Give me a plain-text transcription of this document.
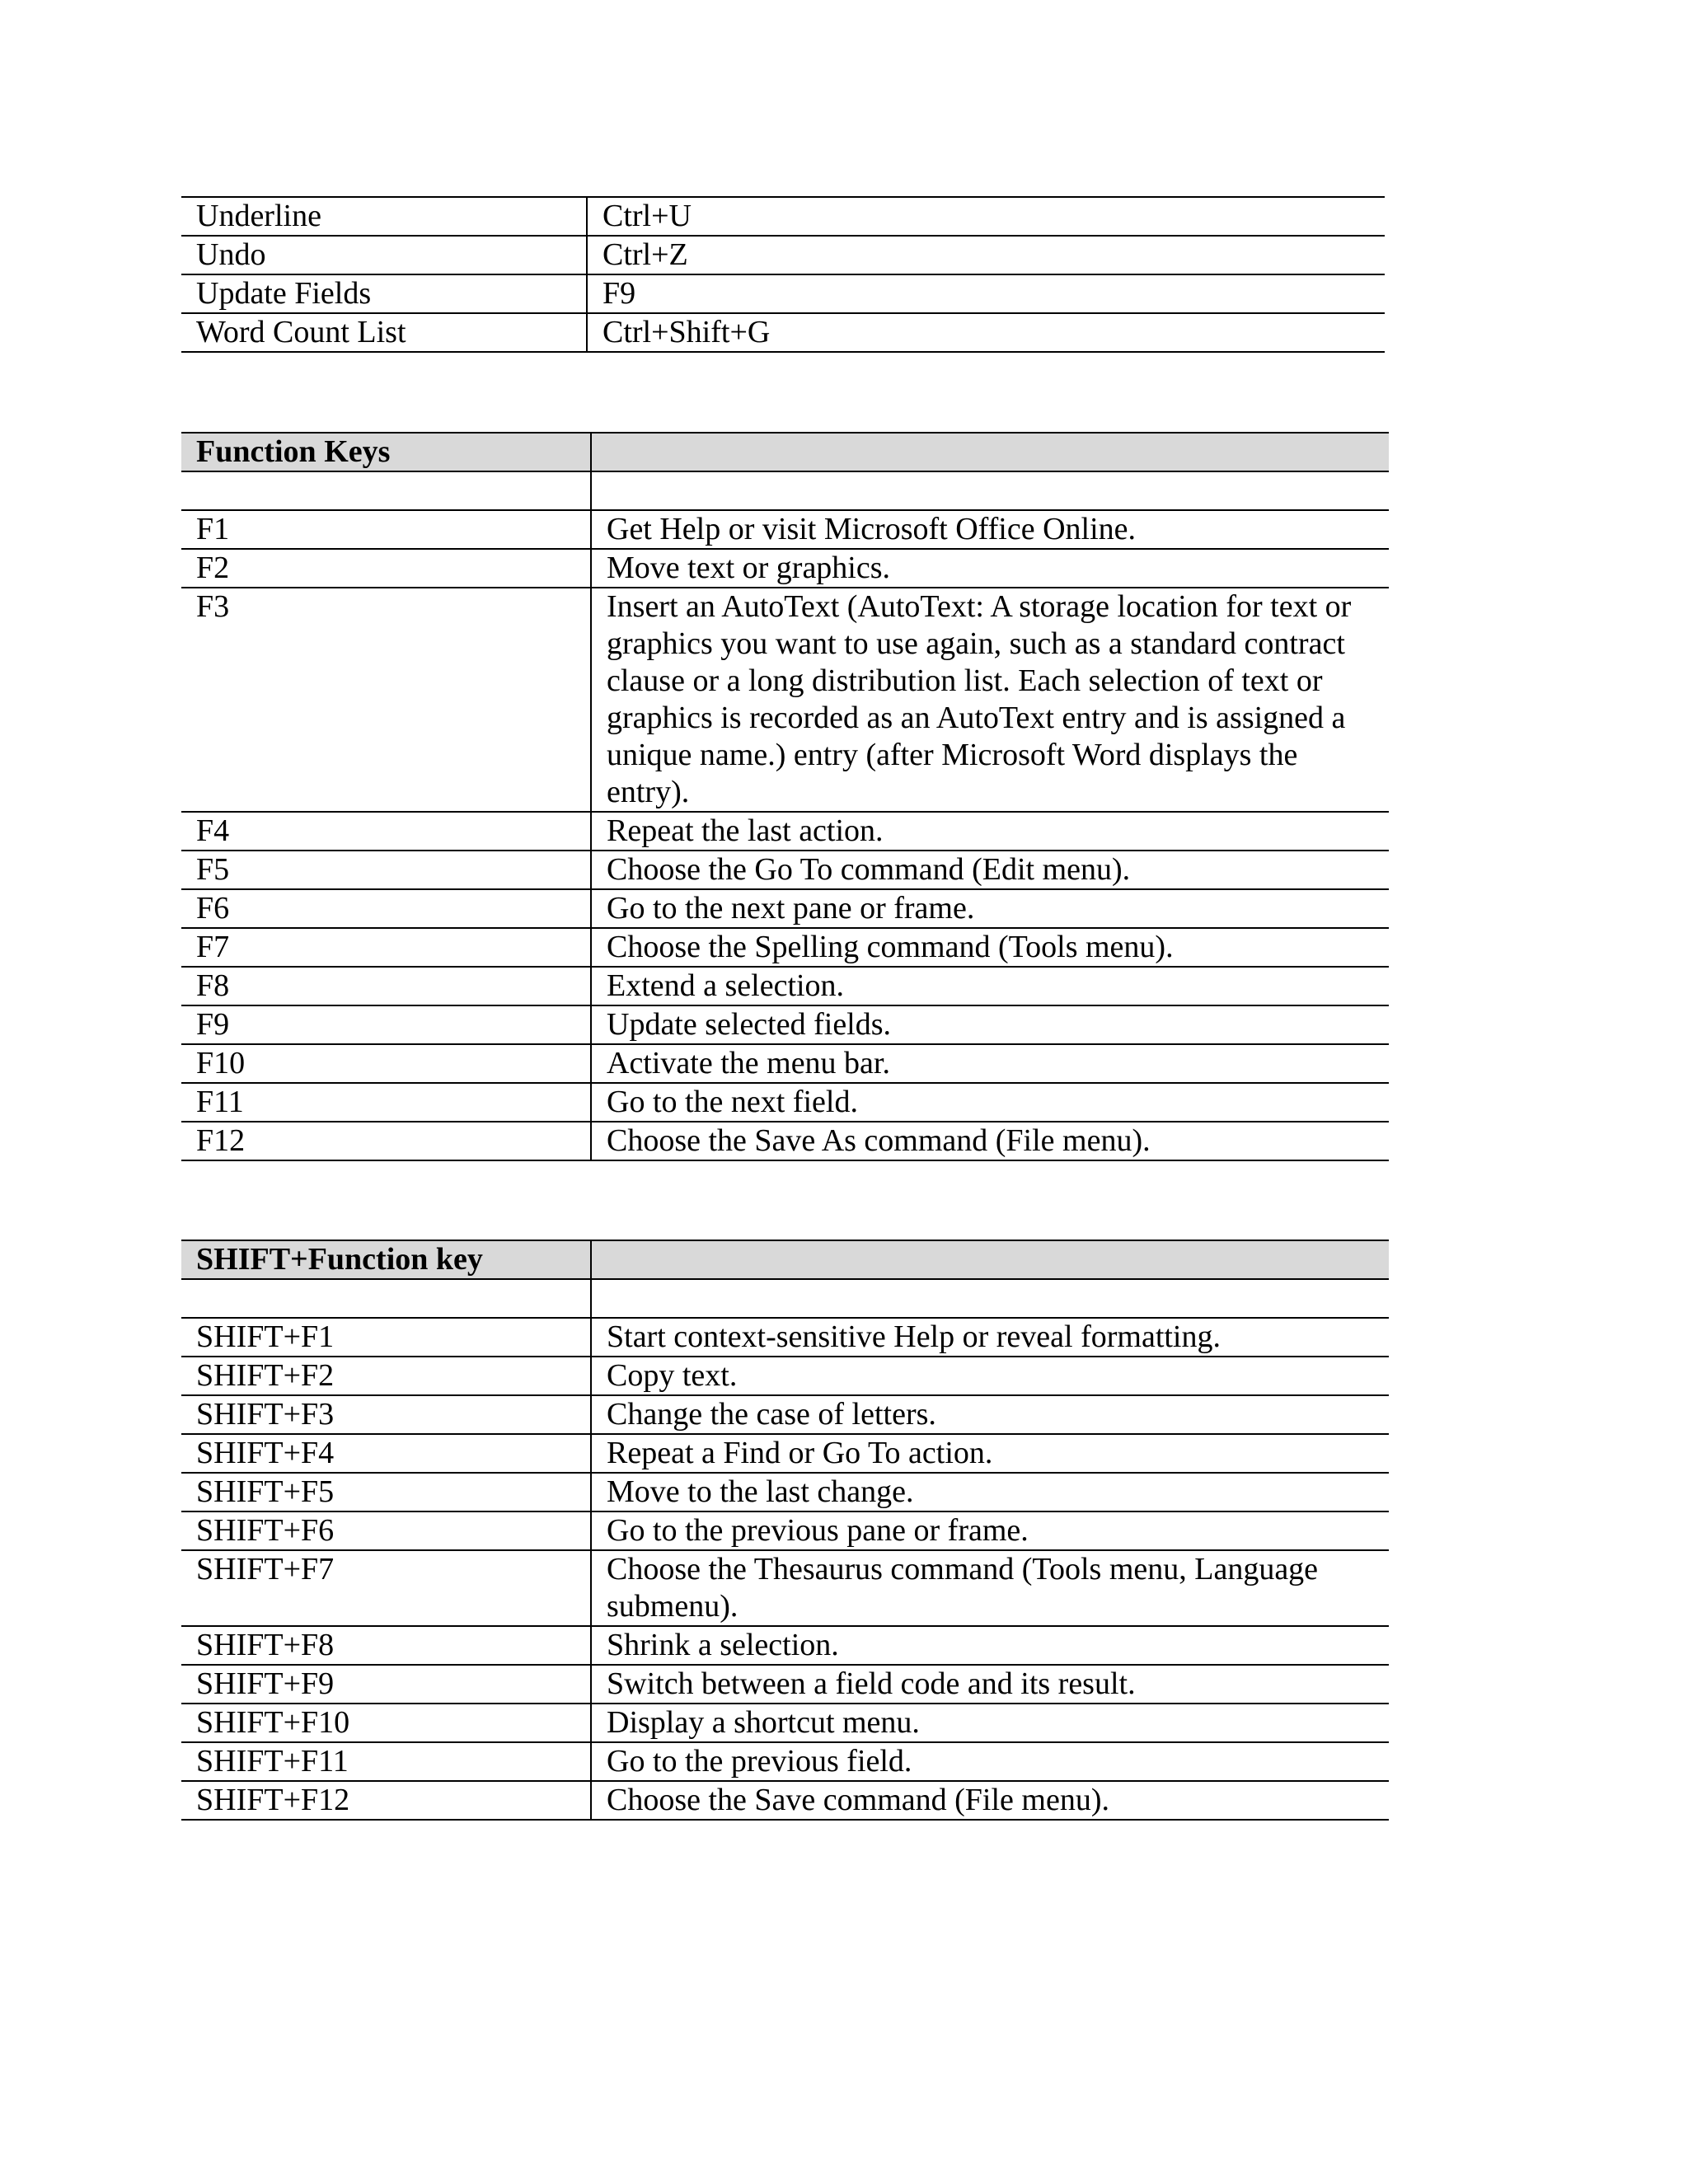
Underline	Ctrl+U
Undo	Ctrl+Z
Update Fields	F9
Word Count List	Ctrl+Shift+G
Function Keys	

F1	Get Help or visit Microsoft Office Online.
F2	Move text or graphics.
F3	Insert an AutoText (AutoText: A storage location for text or graphics you want to use again, such as a standard contract clause or a long distribution list. Each selection of text or graphics is recorded as an AutoText entry and is assigned a unique name.) entry (after Microsoft Word displays the entry).
F4	Repeat the last action.
F5	Choose the Go To command (Edit menu).
F6	Go to the next pane or frame.
F7	Choose the Spelling command (Tools menu).
F8	Extend a selection.
F9	Update selected fields.
F10	Activate the menu bar.
F11	Go to the next field.
F12	Choose the Save As command (File menu).
SHIFT+Function key	

SHIFT+F1	Start context-sensitive Help or reveal formatting.
SHIFT+F2	Copy text.
SHIFT+F3	Change the case of letters.
SHIFT+F4	Repeat a Find or Go To action.
SHIFT+F5	Move to the last change.
SHIFT+F6	Go to the previous pane or frame.
SHIFT+F7	Choose the Thesaurus command (Tools menu, Language submenu).
SHIFT+F8	Shrink a selection.
SHIFT+F9	Switch between a field code and its result.
SHIFT+F10	Display a shortcut menu.
SHIFT+F11	Go to the previous field.
SHIFT+F12	Choose the Save command (File menu).
